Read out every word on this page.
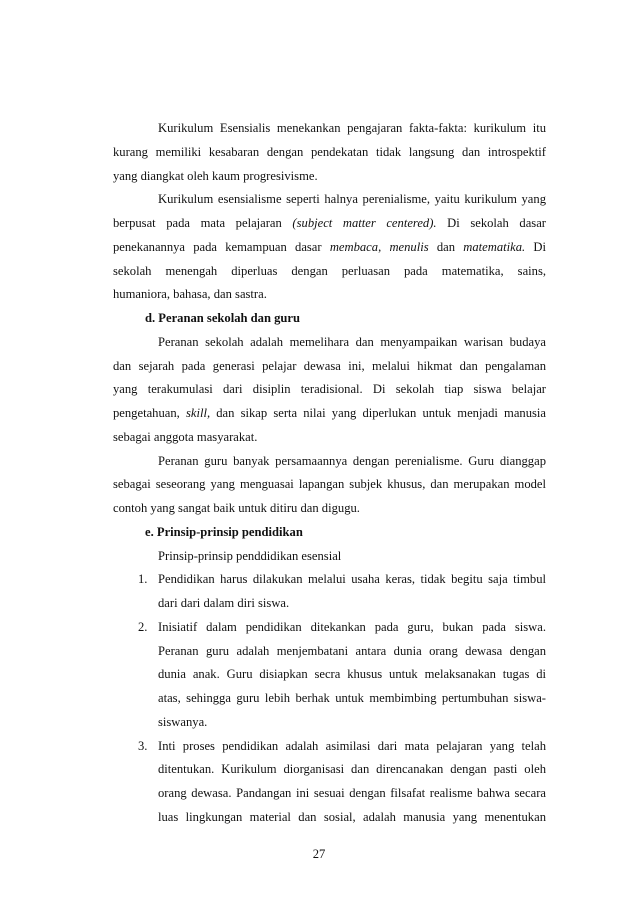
Kurikulum Esensialis menekankan pengajaran fakta-fakta: kurikulum itu
kurang memiliki kesabaran dengan pendekatan tidak langsung dan introspektif
yang diangkat oleh kaum progresivisme.
Kurikulum esensialisme seperti halnya perenialisme, yaitu kurikulum yang
berpusat pada mata pelajaran (subject matter centered). Di sekolah dasar
penekanannya pada kemampuan dasar membaca, menulis dan matematika. Di
sekolah menengah diperluas dengan perluasan pada matematika, sains,
humaniora, bahasa, dan sastra.
d. Peranan sekolah dan guru
Peranan sekolah adalah memelihara dan menyampaikan warisan budaya
dan sejarah pada generasi pelajar dewasa ini, melalui hikmat dan pengalaman
yang terakumulasi dari disiplin teradisional. Di sekolah tiap siswa belajar
pengetahuan, skill, dan sikap serta nilai yang diperlukan untuk menjadi manusia
sebagai anggota masyarakat.
Peranan guru banyak persamaannya dengan perenialisme. Guru dianggap
sebagai seseorang yang menguasai lapangan subjek khusus, dan merupakan model
contoh yang sangat baik untuk ditiru dan digugu.
e. Prinsip-prinsip pendidikan
Prinsip-prinsip penddidikan esensial
1. Pendidikan harus dilakukan melalui usaha keras, tidak begitu saja timbul
dari dari dalam diri siswa.
2. Inisiatif dalam pendidikan ditekankan pada guru, bukan pada siswa.
Peranan guru adalah menjembatani antara dunia orang dewasa dengan
dunia anak. Guru disiapkan secra khusus untuk melaksanakan tugas di
atas, sehingga guru lebih berhak untuk membimbing pertumbuhan siswa-
siswanya.
3. Inti proses pendidikan adalah asimilasi dari mata pelajaran yang telah
ditentukan. Kurikulum diorganisasi dan direncanakan dengan pasti oleh
orang dewasa. Pandangan ini sesuai dengan filsafat realisme bahwa secara
luas lingkungan material dan sosial, adalah manusia yang menentukan
27
